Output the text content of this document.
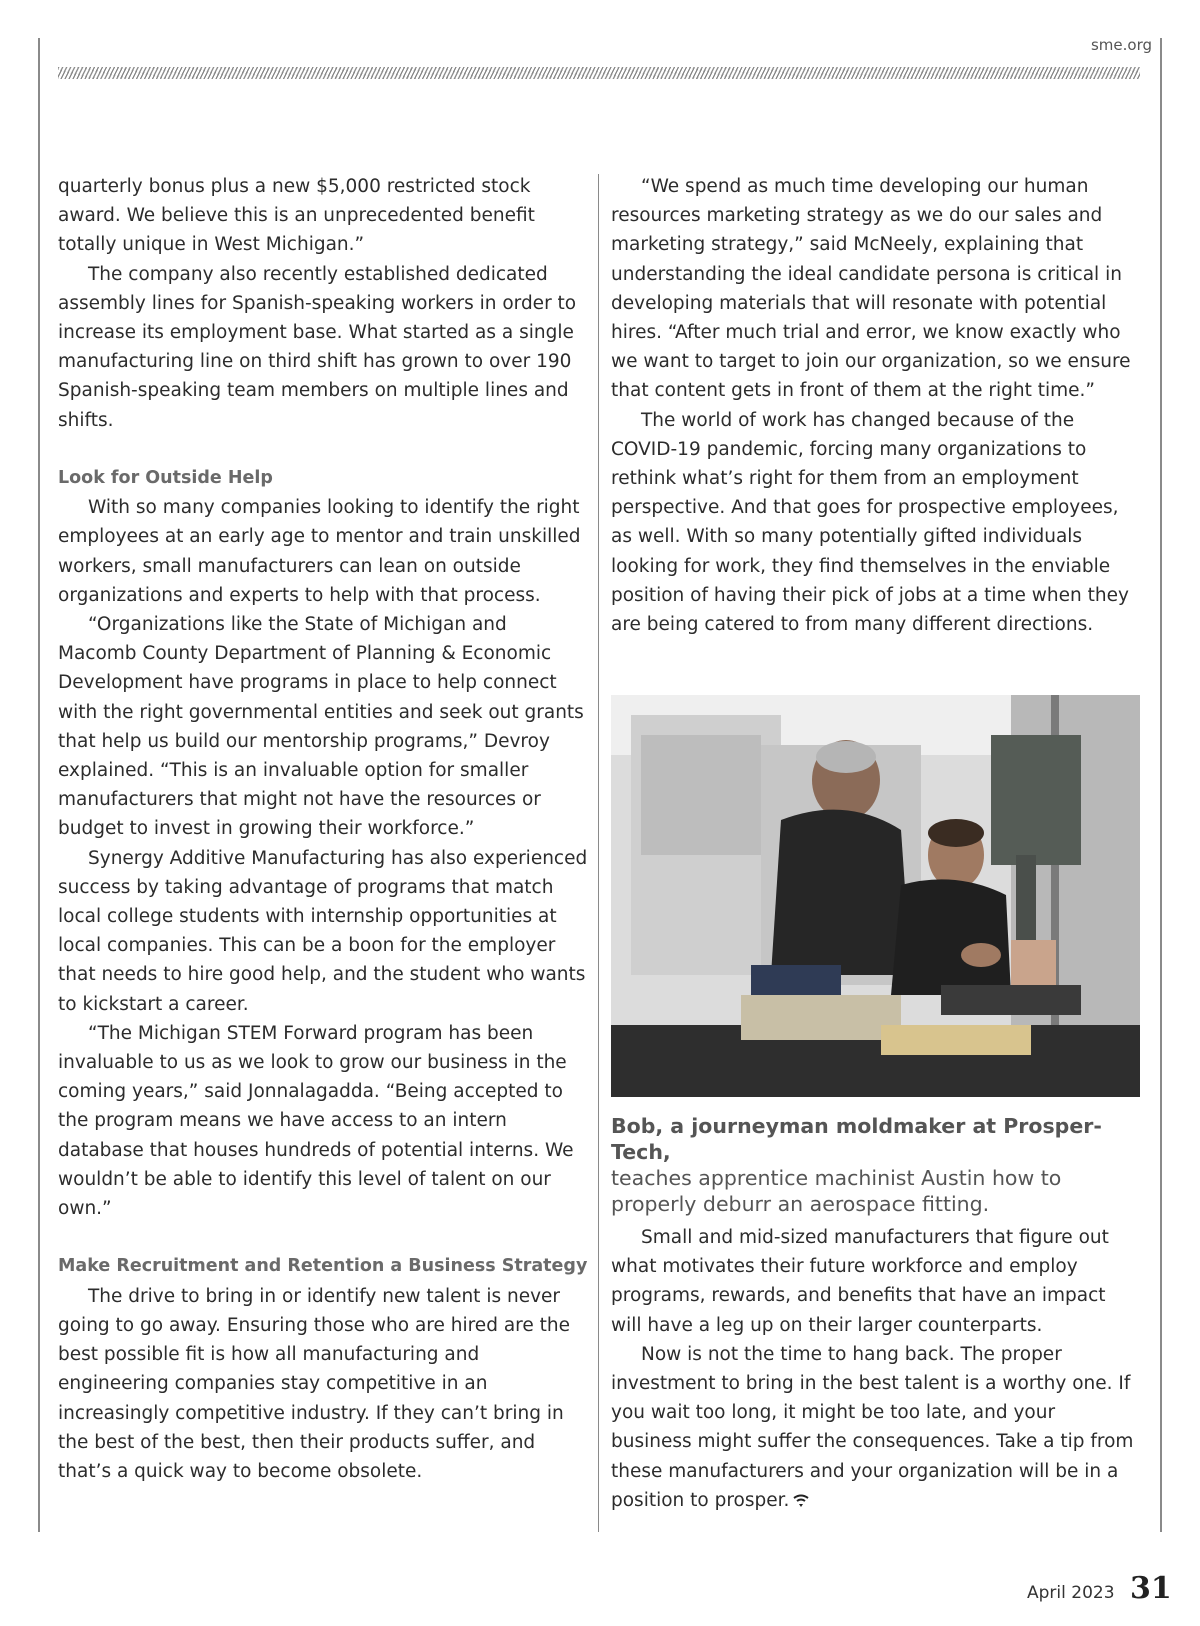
sme.org

quarterly bonus plus a new $5,000 restricted stock award. We believe this is an unprecedented benefit totally unique in West Michigan.”

The company also recently established dedicated assembly lines for Spanish-speaking workers in order to increase its employment base. What started as a single manufacturing line on third shift has grown to over 190 Spanish-speaking team members on multiple lines and shifts.

Look for Outside Help

With so many companies looking to identify the right employees at an early age to mentor and train unskilled workers, small manufacturers can lean on outside organizations and experts to help with that process.

“Organizations like the State of Michigan and Macomb County Department of Planning & Economic Development have programs in place to help connect with the right governmental entities and seek out grants that help us build our mentorship programs,” Devroy explained. “This is an invaluable option for smaller manufacturers that might not have the resources or budget to invest in growing their workforce.”

Synergy Additive Manufacturing has also experienced success by taking advantage of programs that match local college students with internship opportunities at local companies. This can be a boon for the employer that needs to hire good help, and the student who wants to kickstart a career.

“The Michigan STEM Forward program has been invaluable to us as we look to grow our business in the coming years,” said Jonnalagadda. “Being accepted to the program means we have access to an intern database that houses hundreds of potential interns. We wouldn’t be able to identify this level of talent on our own.”

Make Recruitment and Retention a Business Strategy

The drive to bring in or identify new talent is never going to go away. Ensuring those who are hired are the best possible fit is how all manufacturing and engineering companies stay competitive in an increasingly competitive industry. If they can’t bring in the best of the best, then their products suffer, and that’s a quick way to become obsolete.

“We spend as much time developing our human resources marketing strategy as we do our sales and marketing strategy,” said McNeely, explaining that understanding the ideal candidate persona is critical in developing materials that will resonate with potential hires. “After much trial and error, we know exactly who we want to target to join our organization, so we ensure that content gets in front of them at the right time.”

The world of work has changed because of the COVID-19 pandemic, forcing many organizations to rethink what’s right for them from an employment perspective. And that goes for prospective employees, as well. With so many potentially gifted individuals looking for work, they find themselves in the enviable position of having their pick of jobs at a time when they are being catered to from many different directions.

Bob, a journeyman moldmaker at Prosper-Tech,
teaches apprentice machinist Austin how to properly deburr an aerospace fitting.

Small and mid-sized manufacturers that figure out what motivates their future workforce and employ programs, rewards, and benefits that have an impact will have a leg up on their larger counterparts.

Now is not the time to hang back. The proper investment to bring in the best talent is a worthy one. If you wait too long, it might be too late, and your business might suffer the consequences. Take a tip from these manufacturers and your organization will be in a position to prosper.

April 2023 31
